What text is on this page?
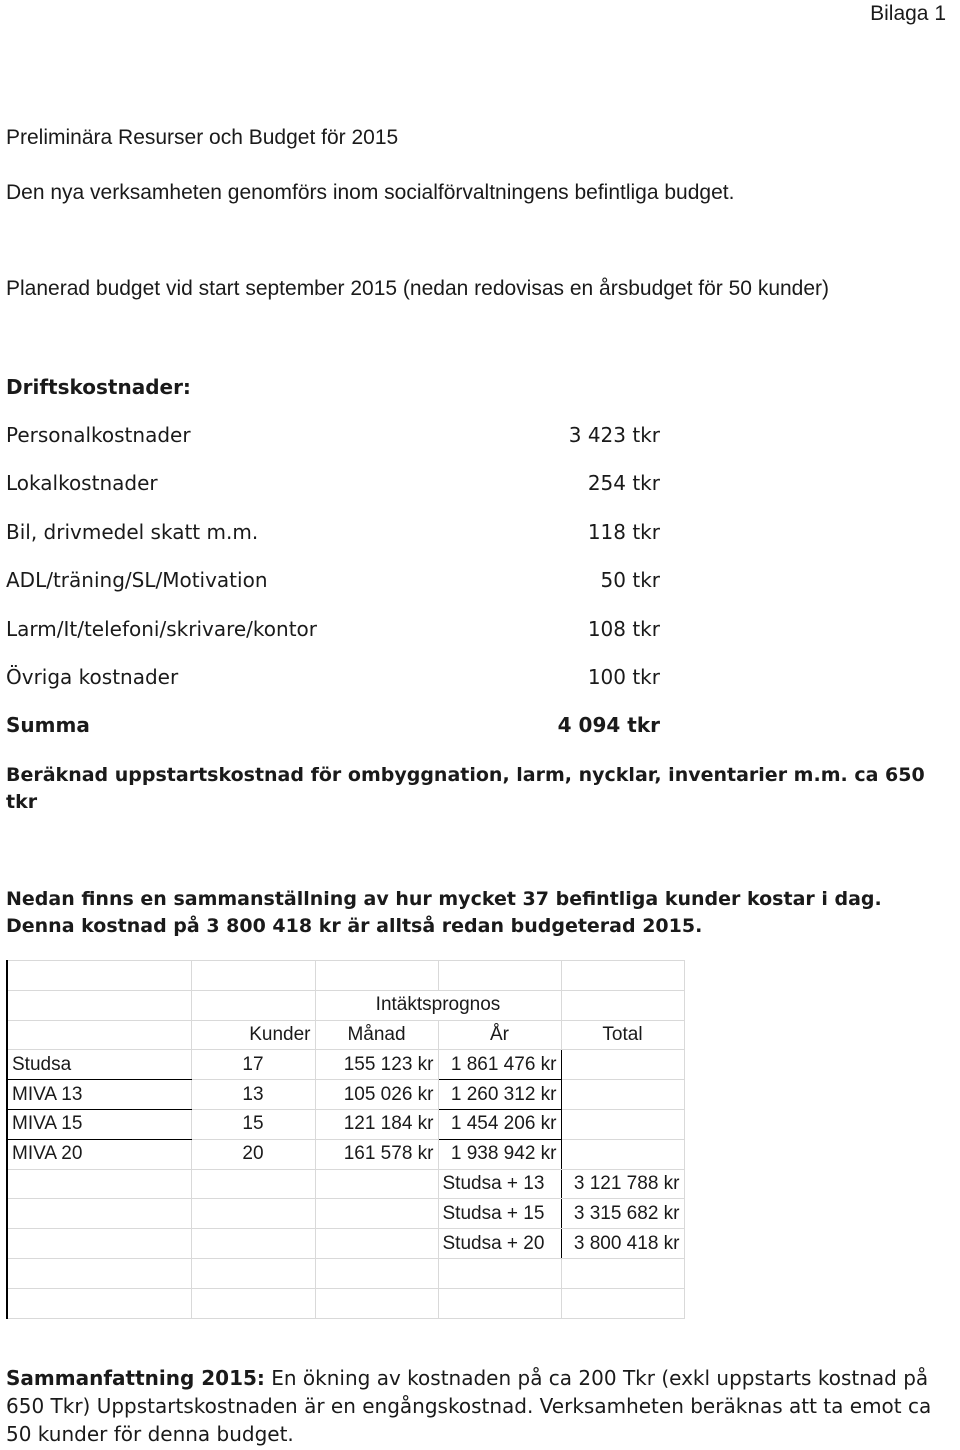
Bilaga 1
Preliminära Resurser och Budget för 2015
Den nya verksamheten genomförs inom socialförvaltningens befintliga budget.
Planerad budget vid start september 2015 (nedan redovisas en årsbudget för 50 kunder)
Driftskostnader:
Personalkostnader	3 423 tkr
Lokalkostnader	254 tkr
Bil, drivmedel skatt m.m.	118 tkr
ADL/träning/SL/Motivation	50 tkr
Larm/It/telefoni/skrivare/kontor	108 tkr
Övriga kostnader	100 tkr
Summa	4 094 tkr
Beräknad uppstartskostnad för ombyggnation, larm, nycklar, inventarier m.m. ca 650 tkr
Nedan finns en sammanställning av hur mycket 37 befintliga kunder kostar i dag. Denna kostnad på 3 800 418 kr är alltså redan budgeterad 2015.

		Intäktsprognos		
	Kunder	Månad	År	Total
Studsa	17	155 123 kr	1 861 476 kr	
MIVA 13	13	105 026 kr	1 260 312 kr	
MIVA 15	15	121 184 kr	1 454 206 kr	
MIVA 20	20	161 578 kr	1 938 942 kr	
			Studsa + 13	3 121 788 kr
			Studsa + 15	3 315 682 kr
			Studsa + 20	3 800 418 kr

Sammanfattning 2015: En ökning av kostnaden på ca 200 Tkr (exkl uppstarts kostnad på 650 Tkr) Uppstartskostnaden är en engångskostnad. Verksamheten beräknas att ta emot ca 50 kunder för denna budget.
